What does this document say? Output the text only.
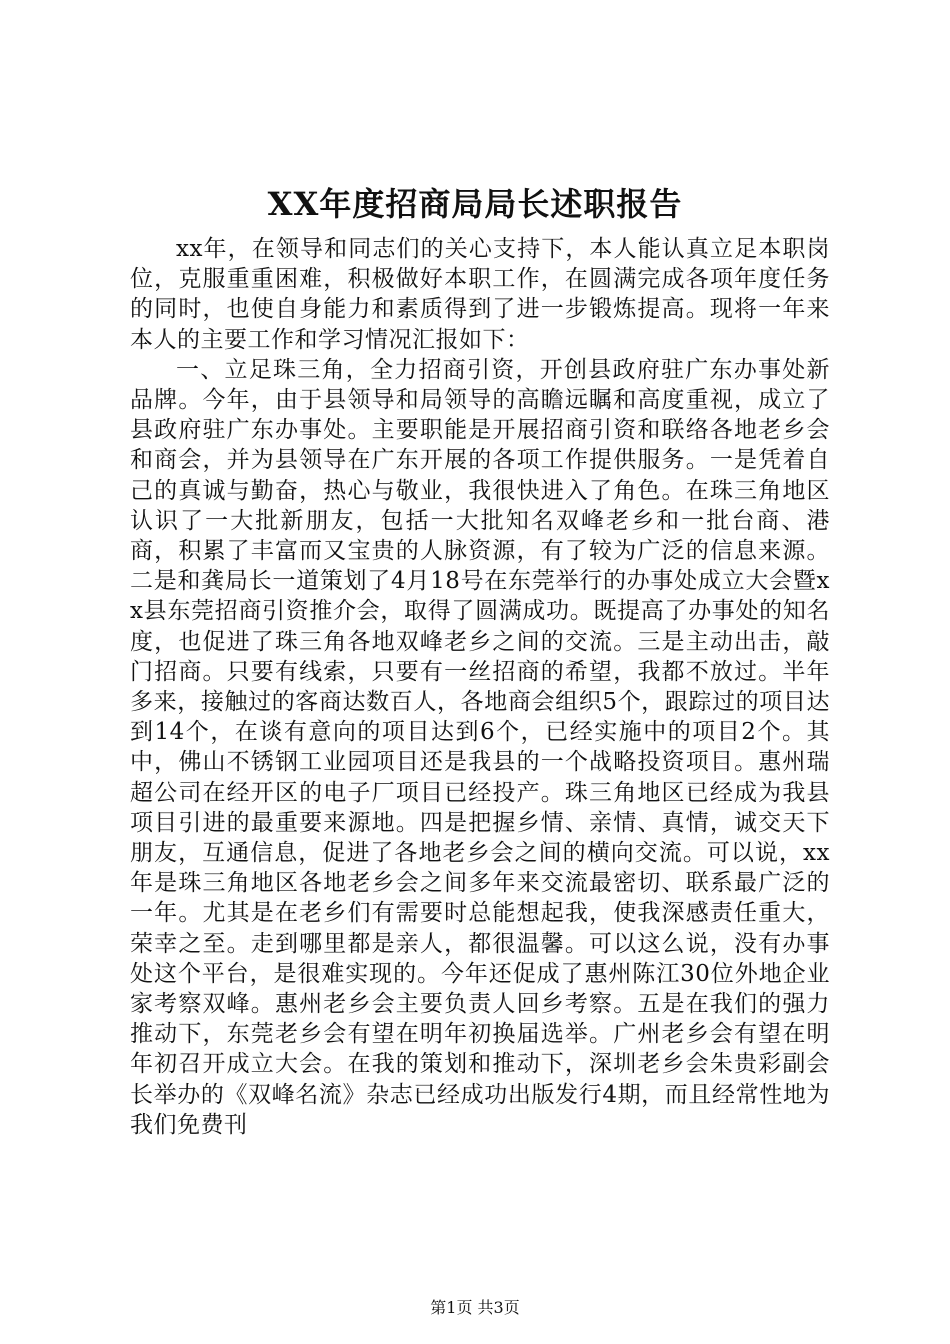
XX年度招商局局长述职报告

xx年，在领导和同志们的关心支持下，本人能认真立足本职岗位，克服重重困难，积极做好本职工作，在圆满完成各项年度任务的同时，也使自身能力和素质得到了进一步锻炼提高。现将一年来本人的主要工作和学习情况汇报如下：

一、立足珠三角，全力招商引资，开创县政府驻广东办事处新品牌。今年，由于县领导和局领导的高瞻远瞩和高度重视，成立了县政府驻广东办事处。主要职能是开展招商引资和联络各地老乡会和商会，并为县领导在广东开展的各项工作提供服务。一是凭着自己的真诚与勤奋，热心与敬业，我很快进入了角色。在珠三角地区认识了一大批新朋友，包括一大批知名双峰老乡和一批台商、港商，积累了丰富而又宝贵的人脉资源，有了较为广泛的信息来源。二是和龚局长一道策划了4月18号在东莞举行的办事处成立大会暨xx县东莞招商引资推介会，取得了圆满成功。既提高了办事处的知名度，也促进了珠三角各地双峰老乡之间的交流。三是主动出击，敲门招商。只要有线索，只要有一丝招商的希望，我都不放过。半年多来，接触过的客商达数百人，各地商会组织5个，跟踪过的项目达到14个，在谈有意向的项目达到6个，已经实施中的项目2个。其中，佛山不锈钢工业园项目还是我县的一个战略投资项目。惠州瑞超公司在经开区的电子厂项目已经投产。珠三角地区已经成为我县项目引进的最重要来源地。四是把握乡情、亲情、真情，诚交天下朋友，互通信息，促进了各地老乡会之间的横向交流。可以说，xx年是珠三角地区各地老乡会之间多年来交流最密切、联系最广泛的一年。尤其是在老乡们有需要时总能想起我，使我深感责任重大，荣幸之至。走到哪里都是亲人，都很温馨。可以这么说，没有办事处这个平台，是很难实现的。今年还促成了惠州陈江30位外地企业家考察双峰。惠州老乡会主要负责人回乡考察。五是在我们的强力推动下，东莞老乡会有望在明年初换届选举。广州老乡会有望在明年初召开成立大会。在我的策划和推动下，深圳老乡会朱贵彩副会长举办的《双峰名流》杂志已经成功出版发行4期，而且经常性地为我们免费刊

第1页 共3页
